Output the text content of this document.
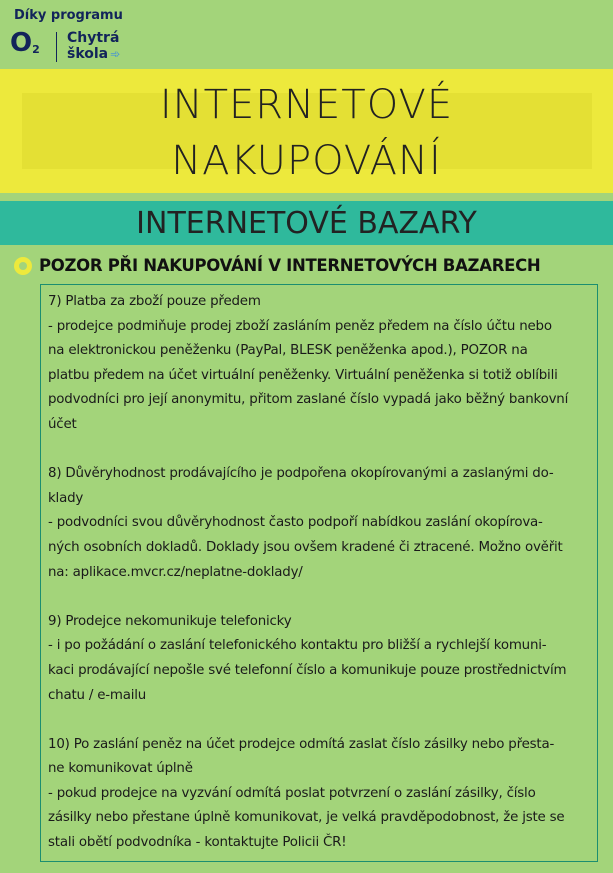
Díky programu
$O_2$
Chytrá
škola ➾
INTERNETOVÉ
NAKUPOVÁNÍ
INTERNETOVÉ BAZARY
POZOR PŘI NAKUPOVÁNÍ V INTERNETOVÝCH BAZARECH
7) Platba za zboží pouze předem
- prodejce podmiňuje prodej zboží zasláním peněz předem na číslo účtu nebo
na elektronickou peněženku (PayPal, BLESK peněženka apod.), POZOR na
platbu předem na účet virtuální peněženky. Virtuální peněženka si totiž oblíbili
podvodníci pro její anonymitu, přitom zaslané číslo vypadá jako běžný bankovní
účet
8) Důvěryhodnost prodávajícího je podpořena okopírovanými a zaslanými do-
klady
- podvodníci svou důvěryhodnost často podpoří nabídkou zaslání okopírova-
ných osobních dokladů. Doklady jsou ovšem kradené či ztracené. Možno ověřit
na: aplikace.mvcr.cz/neplatne-doklady/
9) Prodejce nekomunikuje telefonicky
- i po požádání o zaslání telefonického kontaktu pro bližší a rychlejší komuni-
kaci prodávající nepošle své telefonní číslo a komunikuje pouze prostřednictvím
chatu / e-mailu
10) Po zaslání peněz na účet prodejce odmítá zaslat číslo zásilky nebo přesta-
ne komunikovat úplně
- pokud prodejce na vyzvání odmítá poslat potvrzení o zaslání zásilky, číslo
zásilky nebo přestane úplně komunikovat, je velká pravděpodobnost, že jste se
stali obětí podvodníka - kontaktujte Policii ČR!
